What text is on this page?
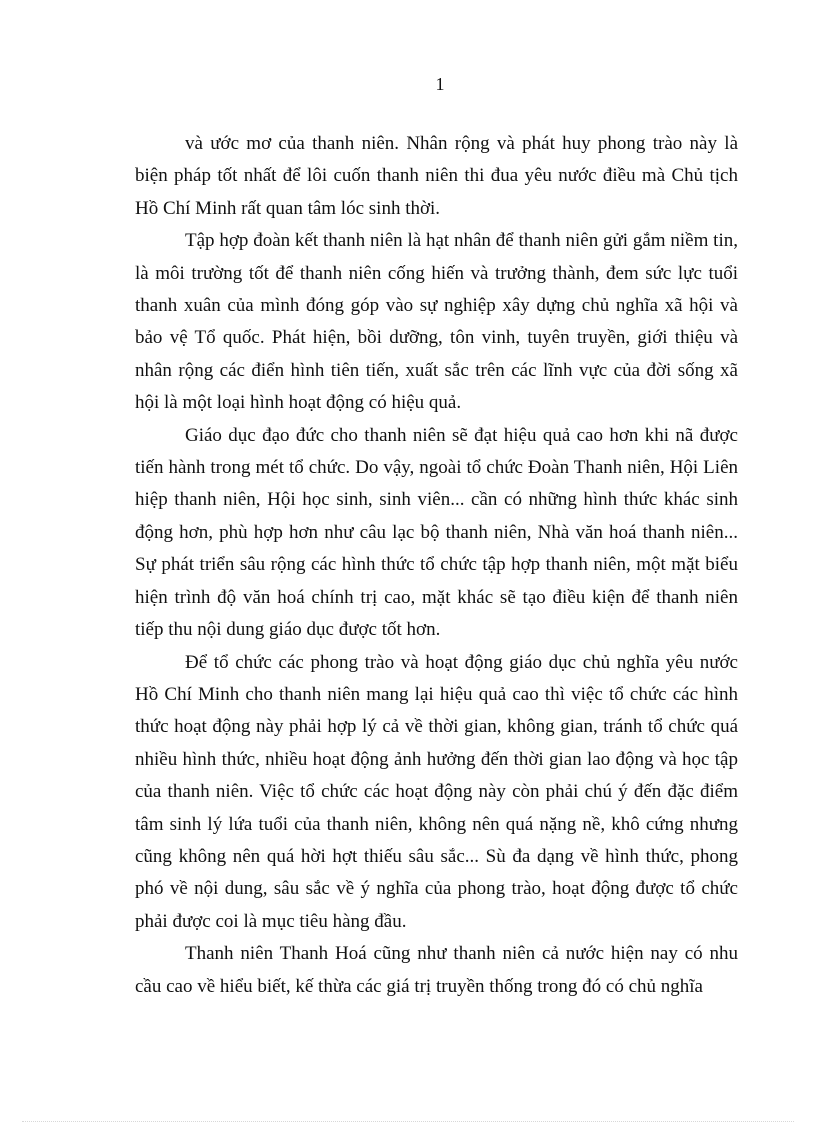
1

và ước mơ của thanh niên. Nhân rộng và phát huy phong trào này là biện pháp tốt nhất để lôi cuốn thanh niên thi đua yêu nước điều mà Chủ tịch Hồ Chí Minh rất quan tâm lóc sinh thời.

Tập hợp đoàn kết thanh niên là hạt nhân để thanh niên gửi gắm niềm tin, là môi trường tốt để thanh niên cống hiến và trưởng thành, đem sức lực tuổi thanh xuân của mình đóng góp vào sự nghiệp xây dựng chủ nghĩa xã hội và bảo vệ Tổ quốc. Phát hiện, bồi dưỡng, tôn vinh, tuyên truyền, giới thiệu và nhân rộng các điển hình tiên tiến, xuất sắc trên các lĩnh vực của đời sống xã hội là một loại hình hoạt động có hiệu quả.

Giáo dục đạo đức cho thanh niên sẽ đạt hiệu quả cao hơn khi nã được tiến hành trong mét tổ chức. Do vậy, ngoài tổ chức Đoàn Thanh niên, Hội Liên hiệp thanh niên, Hội học sinh, sinh viên... cần có những hình thức khác sinh động hơn, phù hợp hơn như câu lạc bộ thanh niên, Nhà văn hoá thanh niên... Sự phát triển sâu rộng các hình thức tổ chức tập hợp thanh niên, một mặt biểu hiện trình độ văn hoá chính trị cao, mặt khác sẽ tạo điều kiện để thanh niên tiếp thu nội dung giáo dục được tốt hơn.

Để tổ chức các phong trào và hoạt động giáo dục chủ nghĩa yêu nước Hồ Chí Minh cho thanh niên mang lại hiệu quả cao thì việc tổ chức các hình thức hoạt động này phải hợp lý cả về thời gian, không gian, tránh tổ chức quá nhiều hình thức, nhiều hoạt động ảnh hưởng đến thời gian lao động và học tập của thanh niên. Việc tổ chức các hoạt động này còn phải chú ý đến đặc điểm tâm sinh lý lứa tuổi của thanh niên, không nên quá nặng nề, khô cứng nhưng cũng không nên quá hời hợt thiếu sâu sắc... Sù đa dạng về hình thức, phong phó về nội dung, sâu sắc về ý nghĩa của phong trào, hoạt động được tổ chức phải được coi là mục tiêu hàng đầu.

Thanh niên Thanh Hoá cũng như thanh niên cả nước hiện nay có nhu cầu cao về hiểu biết, kế thừa các giá trị truyền thống trong đó có chủ nghĩa
